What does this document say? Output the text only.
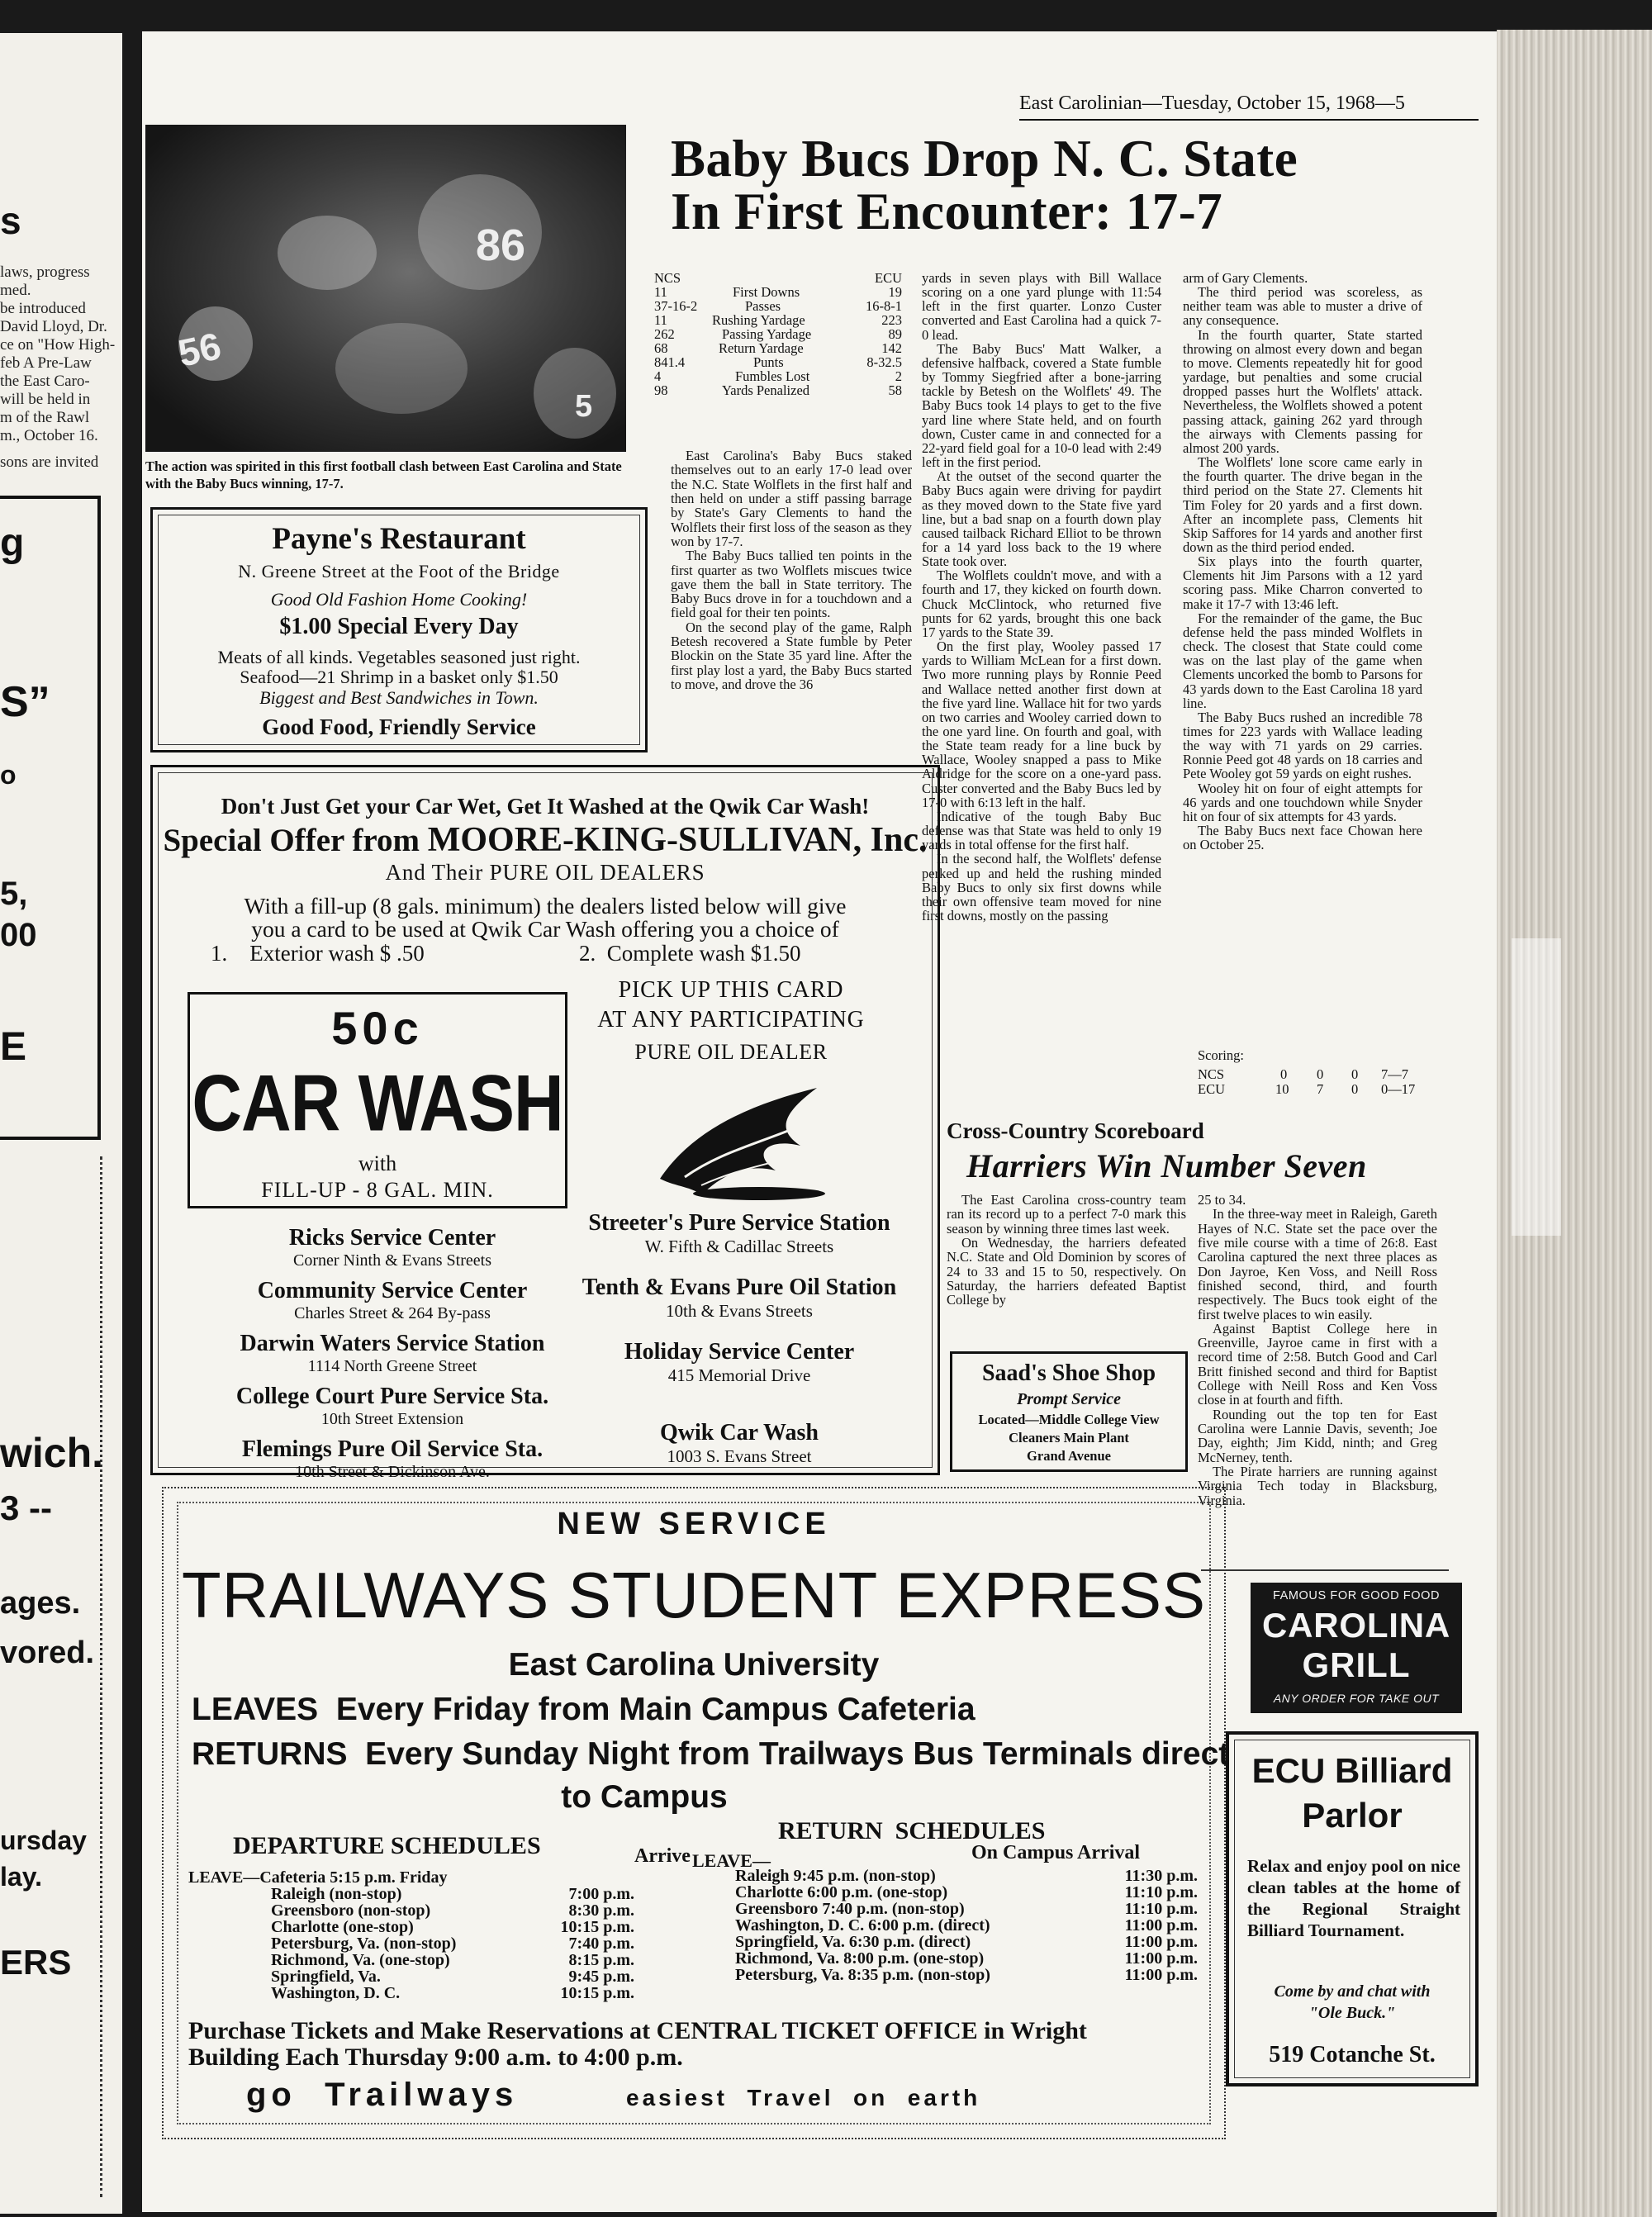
s
laws, progress
med.
be introduced
David Lloyd, Dr.
ce on "How High-
feb A Pre-Law
the East Caro-
will be held in
m of the Rawl
m., October 16.
sons are invited
g
S”
o
5,
00
E
wich.
3 --
ages.
vored.
ursday
lay.
ERS
East Carolinian—Tuesday, October 15, 1968—5
86
56
5
The action was spirited in this first football clash between East Carolina and State with the Baby Bucs winning, 17-7.
Baby Bucs Drop N. C. State
In First Encounter: 17-7
NCS	ECU
11	First Downs	19
37-16-2	Passes	16-8-1
11	Rushing Yardage	223
262	Passing Yardage	89
68	Return Yardage	142
841.4	Punts	8-32.5
4	Fumbles Lost	2
98	Yards Penalized	58

East Carolina's Baby Bucs staked themselves out to an early 17-0 lead over the N.C. State Wolflets in the first half and then held on under a stiff passing barrage by State's Gary Clements to hand the Wolflets their first loss of the season as they won by 17-7.

The Baby Bucs tallied ten points in the first quarter as two Wolflets miscues twice gave them the ball in State territory. The Baby Bucs drove in for a touchdown and a field goal for their ten points.

On the second play of the game, Ralph Betesh recovered a State fumble by Peter Blockin on the State 35 yard line. After the first play lost a yard, the Baby Bucs started to move, and drove the 36

yards in seven plays with Bill Wallace scoring on a one yard plunge with 11:54 left in the first quarter. Lonzo Custer converted and East Carolina had a quick 7-0 lead.

The Baby Bucs' Matt Walker, a defensive halfback, covered a State fumble by Tommy Siegfried after a bone-jarring tackle by Betesh on the Wolflets' 49. The Baby Bucs took 14 plays to get to the five yard line where State held, and on fourth down, Custer came in and connected for a 22-yard field goal for a 10-0 lead with 2:49 left in the first period.

At the outset of the second quarter the Baby Bucs again were driving for paydirt as they moved down to the State five yard line, but a bad snap on a fourth down play caused tailback Richard Elliot to be thrown for a 14 yard loss back to the 19 where State took over.

The Wolflets couldn't move, and with a fourth and 17, they kicked on fourth down. Chuck McClintock, who returned five punts for 62 yards, brought this one back 17 yards to the State 39.

On the first play, Wooley passed 17 yards to William McLean for a first down. Two more running plays by Ronnie Peed and Wallace netted another first down at the five yard line. Wallace hit for two yards on two carries and Wooley carried down to the one yard line. On fourth and goal, with the State team ready for a line buck by Wallace, Wooley snapped a pass to Mike Aldridge for the score on a one-yard pass. Custer converted and the Baby Bucs led by 17-0 with 6:13 left in the half.

Indicative of the tough Baby Buc defense was that State was held to only 19 yards in total offense for the first half.

In the second half, the Wolflets' defense perked up and held the rushing minded Baby Bucs to only six first downs while their own offensive team moved for nine first downs, mostly on the passing

arm of Gary Clements.

The third period was scoreless, as neither team was able to muster a drive of any consequence.

In the fourth quarter, State started throwing on almost every down and began to move. Clements repeatedly hit for good yardage, but penalties and some crucial dropped passes hurt the Wolflets' attack. Nevertheless, the Wolflets showed a potent passing attack, gaining 262 yard through the airways with Clements passing for almost 200 yards.

The Wolflets' lone score came early in the fourth quarter. The drive began in the third period on the State 27. Clements hit Tim Foley for 20 yards and a first down. After an incomplete pass, Clements hit Skip Saffores for 14 yards and another first down as the third period ended.

Six plays into the fourth quarter, Clements hit Jim Parsons with a 12 yard scoring pass. Mike Charron converted to make it 17-7 with 13:46 left.

For the remainder of the game, the Buc defense held the pass minded Wolflets in check. The closest that State could come was on the last play of the game when Clements uncorked the bomb to Parsons for 43 yards down to the East Carolina 18 yard line.

The Baby Bucs rushed an incredible 78 times for 223 yards with Wallace leading the way with 71 yards on 29 carries. Ronnie Peed got 48 yards on 18 carries and Pete Wooley got 59 yards on eight rushes.

Wooley hit on four of eight attempts for 46 yards and one touchdown while Snyder hit on four of six attempts for 43 yards.

The Baby Bucs next face Chowan here on October 25.

Scoring:
NCS	0 0 0 7—7
ECU	10 7 0 0—17
Cross-Country Scoreboard
Harriers Win Number Seven

The East Carolina cross-country team ran its record up to a perfect 7-0 mark this season by winning three times last week.

On Wednesday, the harriers defeated N.C. State and Old Dominion by scores of 24 to 33 and 15 to 50, respectively. On Saturday, the harriers defeated Baptist College by

25 to 34.

In the three-way meet in Raleigh, Gareth Hayes of N.C. State set the pace over the five mile course with a time of 26:8. East Carolina captured the next three places as Don Jayroe, Ken Voss, and Neill Ross finished second, third, and fourth respectively. The Bucs took eight of the first twelve places to win easily.

Against Baptist College here in Greenville, Jayroe came in first with a record time of 2:58. Butch Good and Carl Britt finished second and third for Baptist College with Neill Ross and Ken Voss close in at fourth and fifth.

Rounding out the top ten for East Carolina were Lannie Davis, seventh; Joe Day, eighth; Jim Kidd, ninth; and Greg McNerney, tenth.

The Pirate harriers are running against Virginia Tech today in Blacksburg, Virginia.

Payne's Restaurant
N. Greene Street at the Foot of the Bridge
Good Old Fashion Home Cooking!
$1.00 Special Every Day
Meats of all kinds. Vegetables seasoned just right.
Seafood—21 Shrimp in a basket only $1.50
Biggest and Best Sandwiches in Town.
Good Food, Friendly Service
Don't Just Get your Car Wet, Get It Washed at the Qwik Car Wash!
Special Offer from MOORE-KING-SULLIVAN, Inc.
And Their PURE OIL DEALERS
With a fill-up (8 gals. minimum) the dealers listed below will give
you a card to be used at Qwik Car Wash offering you a choice of
1.    Exterior wash $ .50	2.  Complete wash $1.50
50c
CAR WASH
with
FILL-UP - 8 GAL. MIN.
PICK UP THIS CARD
AT ANY PARTICIPATING
PURE OIL DEALER
Ricks Service Center
Corner Ninth & Evans Streets
Community Service Center
Charles Street & 264 By-pass
Darwin Waters Service Station
1114 North Greene Street
College Court Pure Service Sta.
10th Street Extension
Flemings Pure Oil Service Sta.
10th Street & Dickinson Ave.
Streeter's Pure Service Station
W. Fifth & Cadillac Streets
Tenth & Evans Pure Oil Station
10th & Evans Streets
Holiday Service Center
415 Memorial Drive
Qwik Car Wash
1003 S. Evans Street
Saad's Shoe Shop
Prompt Service
Located—Middle College View
Cleaners Main Plant
Grand Avenue
FAMOUS FOR GOOD FOOD
CAROLINA
GRILL
ANY ORDER FOR TAKE OUT
ECU Billiard
Parlor
Relax and enjoy pool on nice clean tables at the home of the Regional Straight Billiard Tournament.
Come by and chat with
"Ole Buck."
519 Cotanche St.
NEW SERVICE
TRAILWAYS STUDENT EXPRESS
East Carolina University
LEAVES  Every Friday from Main Campus Cafeteria
RETURNS  Every Sunday Night from Trailways Bus Terminals direct
to Campus
DEPARTURE SCHEDULES	Arrive
LEAVE—Cafeteria 5:15 p.m. Friday
Raleigh (non-stop)	7:00 p.m.
Greensboro (non-stop)	8:30 p.m.
Charlotte (one-stop)	10:15 p.m.
Petersburg, Va. (non-stop)	7:40 p.m.
Richmond, Va. (one-stop)	8:15 p.m.
Springfield, Va.	9:45 p.m.
Washington, D. C.	10:15 p.m.
RETURN  SCHEDULES
On Campus Arrival
LEAVE—
Raleigh 9:45 p.m. (non-stop)	11:30 p.m.
Charlotte 6:00 p.m. (one-stop)	11:10 p.m.
Greensboro 7:40 p.m. (non-stop)	11:10 p.m.
Washington, D. C. 6:00 p.m. (direct)	11:00 p.m.
Springfield, Va. 6:30 p.m. (direct)	11:00 p.m.
Richmond, Va. 8:00 p.m. (one-stop)	11:00 p.m.
Petersburg, Va. 8:35 p.m. (non-stop)	11:00 p.m.
Purchase Tickets and Make Reservations at CENTRAL TICKET OFFICE in Wright
Building Each Thursday 9:00 a.m. to 4:00 p.m.
go  Trailways	easiest  Travel  on  earth
